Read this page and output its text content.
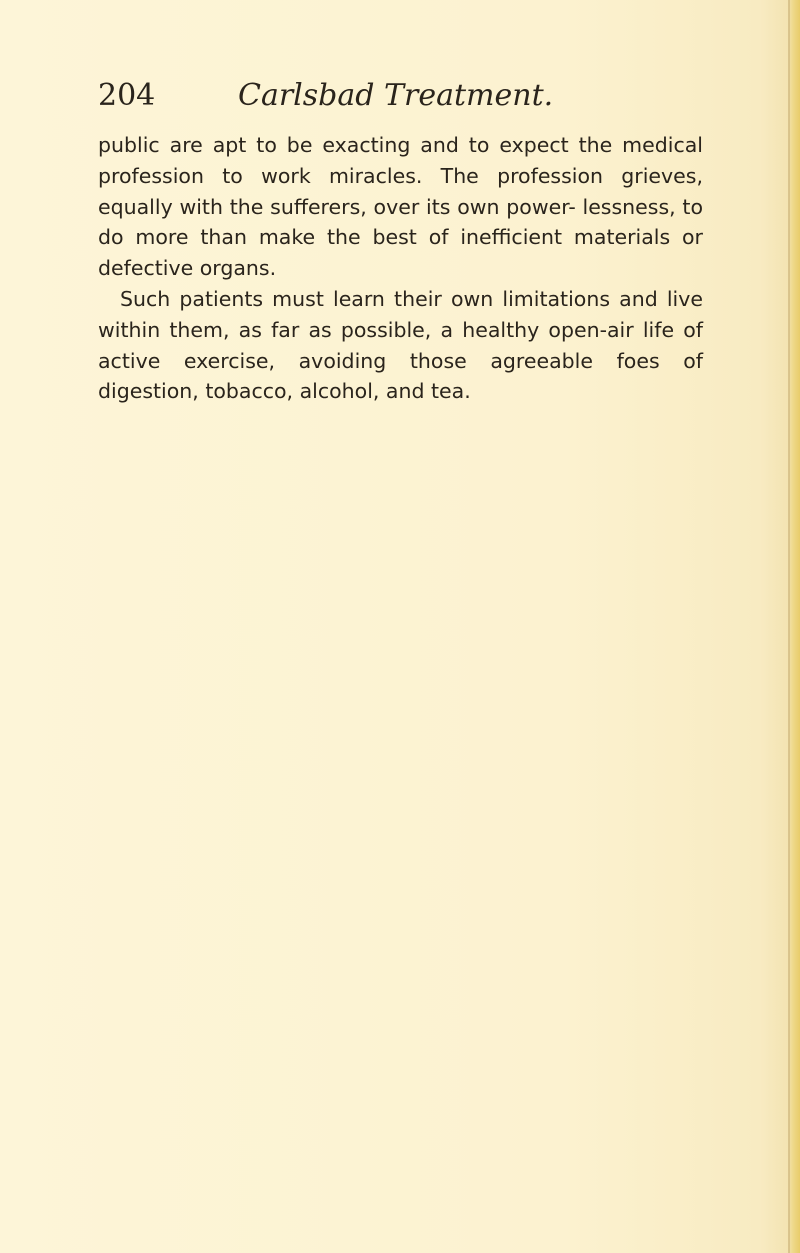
204	Carlsbad Treatment.

public are apt to be exacting and to expect the medical profession to work miracles. The profession grieves, equally with the sufferers, over its own power- lessness, to do more than make the best of inefficient materials or defective organs.

Such patients must learn their own limitations and live within them, as far as possible, a healthy open-air life of active exercise, avoiding those agreeable foes of digestion, tobacco, alcohol, and tea.
